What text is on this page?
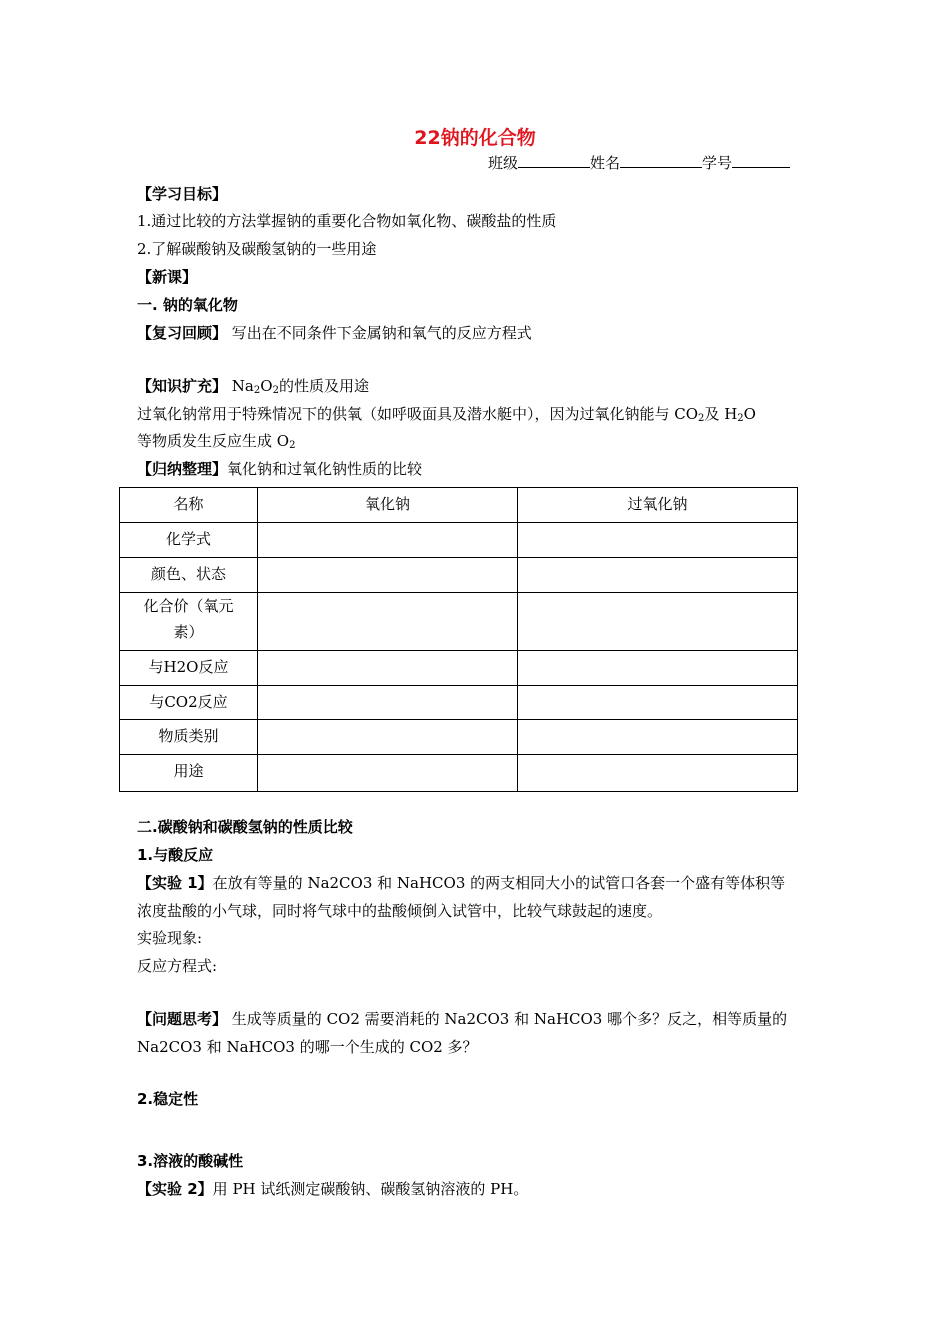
22钠的化合物
班级	姓名	学号
【学习目标】
1.通过比较的方法掌握钠的重要化合物如氧化物、碳酸盐的性质
2.了解碳酸钠及碳酸氢钠的一些用途
【新课】
一. 钠的氧化物
【复习回顾】 写出在不同条件下金属钠和氧气的反应方程式
【知识扩充】 $Na_2O_2$的性质及用途
过氧化钠常用于特殊情况下的供氧（如呼吸面具及潜水艇中），因为过氧化钠能与 $CO_2$及 $H_2O$
等物质发生反应生成 $O_2$
【归纳整理】氧化钠和过氧化钠性质的比较
名称	氧化钠	过氧化钠

化学式		

颜色、状态		

化合价（氧元素）		

与H2O反应		

与CO2反应		

物质类别		

用途		

二.碳酸钠和碳酸氢钠的性质比较
1.与酸反应
【实验 1】在放有等量的 Na2CO3 和 NaHCO3 的两支相同大小的试管口各套一个盛有等体积等
浓度盐酸的小气球，同时将气球中的盐酸倾倒入试管中，比较气球鼓起的速度。
实验现象:
反应方程式:
【问题思考】 生成等质量的 CO2 需要消耗的 Na2CO3 和 NaHCO3 哪个多？反之，相等质量的
Na2CO3 和 NaHCO3 的哪一个生成的 CO2 多？
2.稳定性
3.溶液的酸碱性
【实验 2】用 PH 试纸测定碳酸钠、碳酸氢钠溶液的 PH。
